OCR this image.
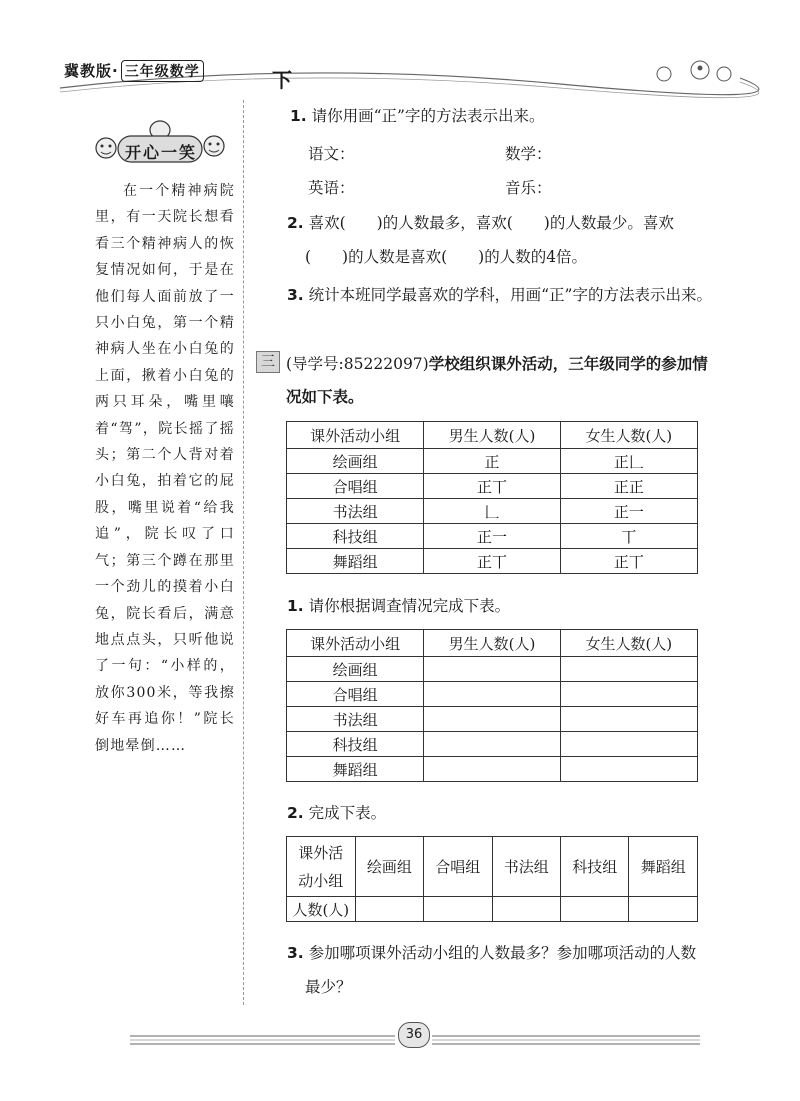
冀教版· 三年级数学	下
开心一笑

在一个精神病院里，有一天院长想看看三个精神病人的恢复情况如何，于是在他们每人面前放了一只小白兔，第一个精神病人坐在小白兔的上面，揪着小白兔的两只耳朵，嘴里嚷着“驾”，院长摇了摇头；第二个人背对着小白兔，拍着它的屁股，嘴里说着“给我追”，院长叹了口气；第三个蹲在那里一个劲儿的摸着小白兔，院长看后，满意地点点头，只听他说了一句：“小样的，放你300米，等我擦好车再追你！”院长倒地晕倒……

1. 请你用画“正”字的方法表示出来。
语文：	数学：
英语：	音乐：
2. 喜欢(　　)的人数最多，喜欢(　　)的人数最少。喜欢
(　　)的人数是喜欢(　　)的人数的4倍。
3. 统计本班同学最喜欢的学科，用画“正”字的方法表示出来。
三 (导学号:85222097)学校组织课外活动，三年级同学的参加情
况如下表。
课外活动小组	男生人数(人)	女生人数(人)
绘画组	正	正𠃊
合唱组	正丅	正正
书法组	𠃊	正一
科技组	正一	丅
舞蹈组	正丅	正丅
1. 请你根据调查情况完成下表。
课外活动小组	男生人数(人)	女生人数(人)
绘画组		
合唱组		
书法组		
科技组		
舞蹈组		
2. 完成下表。
课外活
动小组	绘画组	合唱组	书法组	科技组	舞蹈组
人数(人)					
3. 参加哪项课外活动小组的人数最多？参加哪项活动的人数
最少？
36
